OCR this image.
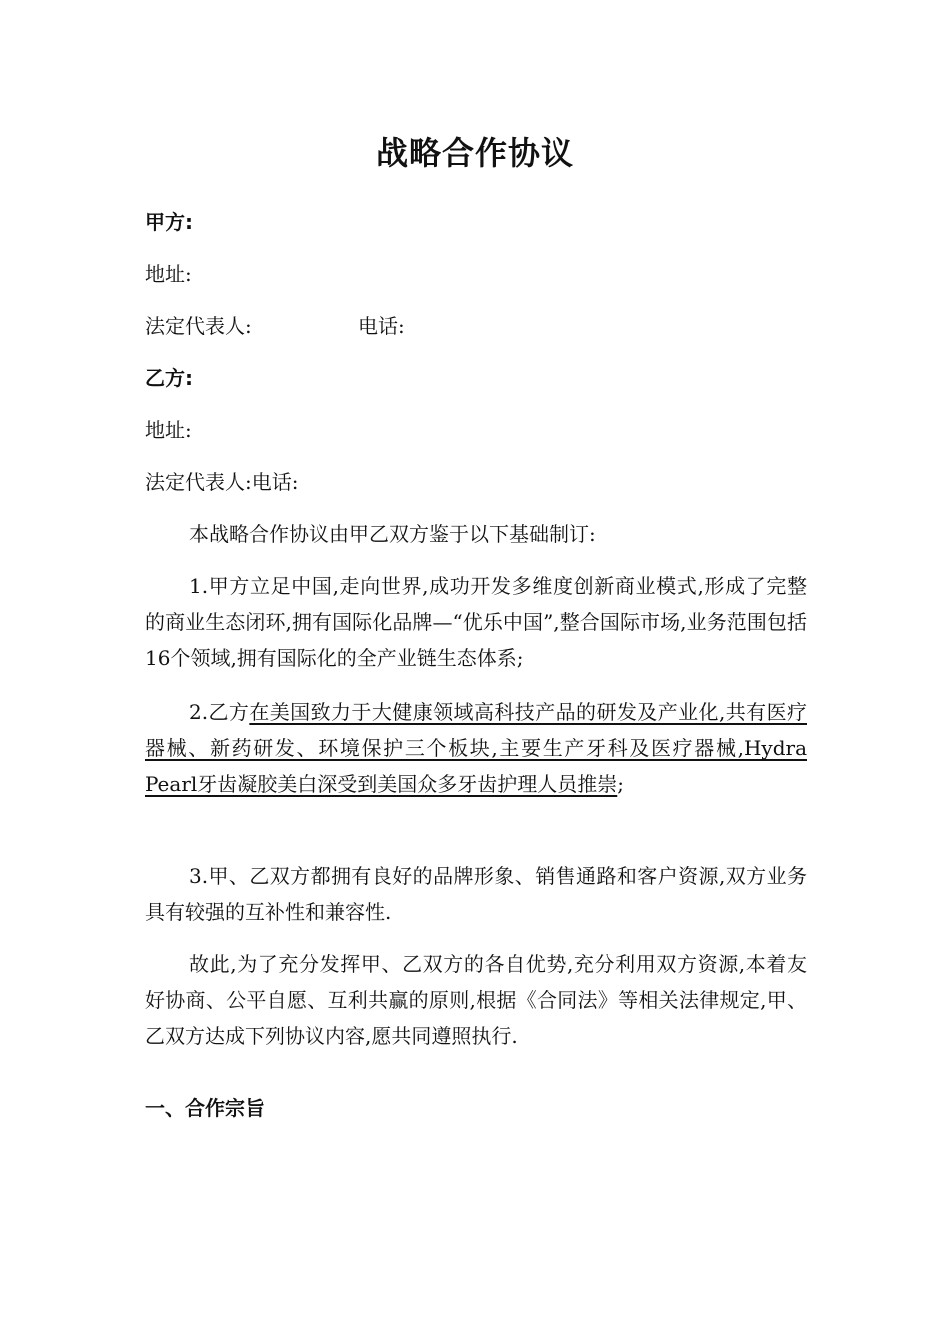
战略合作协议
甲方:
地址:
法定代表人:	电话:
乙方:
地址:
法定代表人:电话:
本战略合作协议由甲乙双方鉴于以下基础制订:
1.甲方立足中国,走向世界,成功开发多维度创新商业模式,形成了完整的商业生态闭环,拥有国际化品牌—“优乐中国”,整合国际市场,业务范围包括16个领域,拥有国际化的全产业链生态体系;
2.乙方在美国致力于大健康领域高科技产品的研发及产业化,共有医疗器械、新药研发、环境保护三个板块,主要生产牙科及医疗器械,Hydra Pearl牙齿凝胶美白深受到美国众多牙齿护理人员推崇;
3.甲、乙双方都拥有良好的品牌形象、销售通路和客户资源,双方业务具有较强的互补性和兼容性.
故此,为了充分发挥甲、乙双方的各自优势,充分利用双方资源,本着友好协商、公平自愿、互利共赢的原则,根据《合同法》等相关法律规定,甲、乙双方达成下列协议内容,愿共同遵照执行.
一、合作宗旨
